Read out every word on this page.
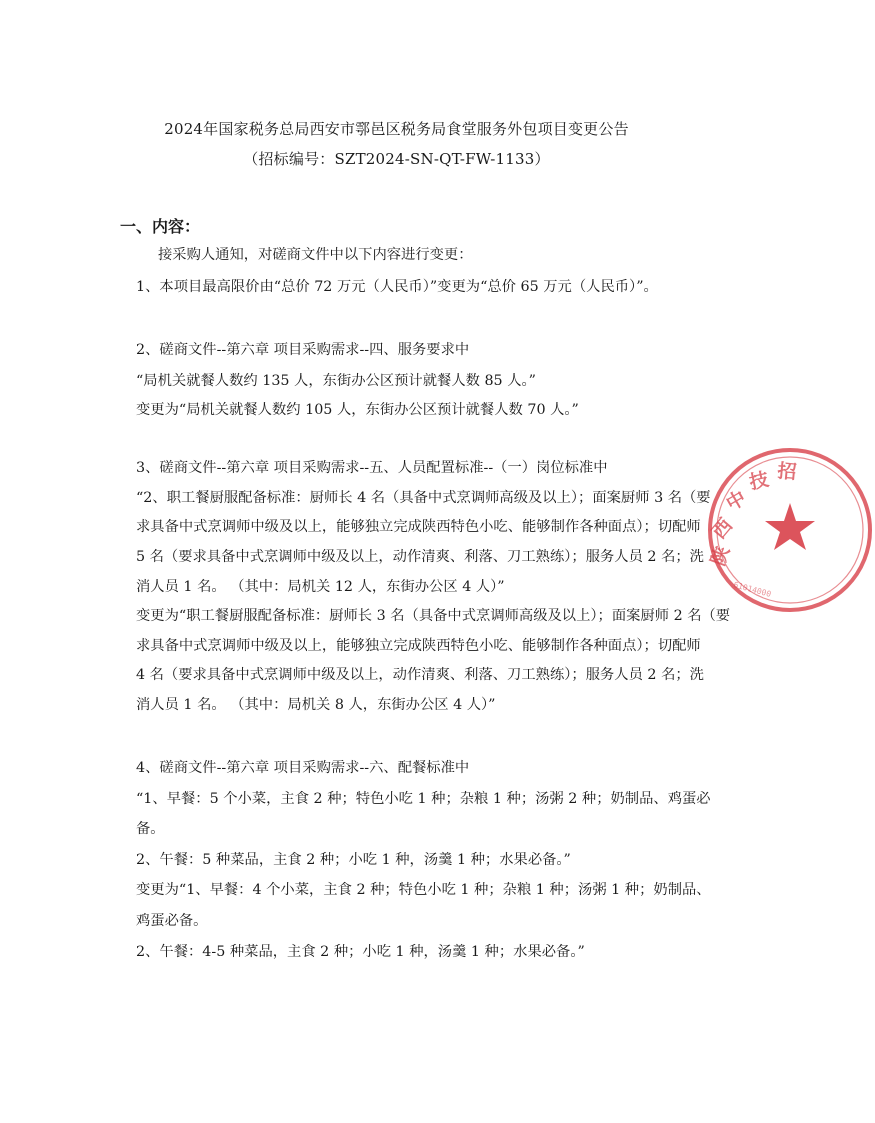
2024年国家税务总局西安市鄠邑区税务局食堂服务外包项目变更公告
（招标编号：SZT2024-SN-QT-FW-1133）
一、内容：
接采购人通知，对磋商文件中以下内容进行变更：
1、本项目最高限价由“总价 72 万元（人民币）”变更为“总价 65 万元（人民币）”。
2、磋商文件--第六章 项目采购需求--四、服务要求中
“局机关就餐人数约 135 人，东街办公区预计就餐人数 85 人。”
变更为“局机关就餐人数约 105 人，东街办公区预计就餐人数 70 人。”
3、磋商文件--第六章 项目采购需求--五、人员配置标准--（一）岗位标准中
“2、职工餐厨服配备标准：厨师长 4 名（具备中式烹调师高级及以上）；面案厨师 3 名（要
求具备中式烹调师中级及以上，能够独立完成陕西特色小吃、能够制作各种面点）；切配师
5 名（要求具备中式烹调师中级及以上，动作清爽、利落、刀工熟练）；服务人员 2 名；洗
消人员 1 名。 （其中：局机关 12 人，东街办公区 4 人）”
变更为“职工餐厨服配备标准：厨师长 3 名（具备中式烹调师高级及以上）；面案厨师 2 名（要
求具备中式烹调师中级及以上，能够独立完成陕西特色小吃、能够制作各种面点）；切配师
4 名（要求具备中式烹调师中级及以上，动作清爽、利落、刀工熟练）；服务人员 2 名；洗
消人员 1 名。 （其中：局机关 8 人，东街办公区 4 人）”
4、磋商文件--第六章 项目采购需求--六、配餐标准中
“1、早餐：5 个小菜，主食 2 种；特色小吃 1 种；杂粮 1 种；汤粥 2 种；奶制品、鸡蛋必
备。
2、午餐：5 种菜品，主食 2 种；小吃 1 种，汤羹 1 种；水果必备。”
变更为“1、早餐：4 个小菜，主食 2 种；特色小吃 1 种；杂粮 1 种；汤粥 1 种；奶制品、
鸡蛋必备。
2、午餐：4-5 种菜品，主食 2 种；小吃 1 种，汤羹 1 种；水果必备。”
陕
西
中
技 招
61014000
